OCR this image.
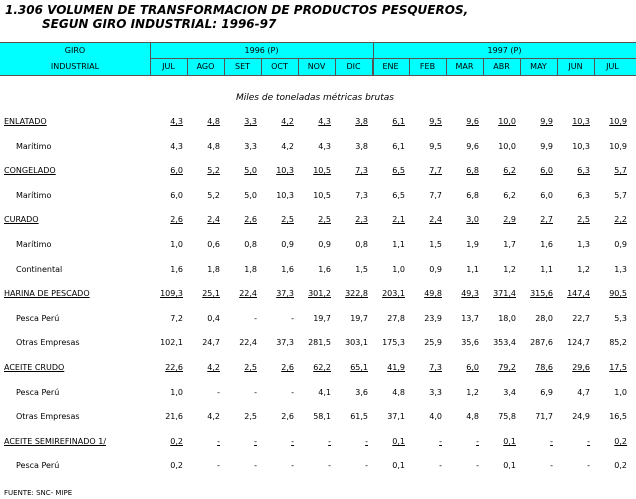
1.306 VOLUMEN DE TRANSFORMACION DE PRODUCTOS PESQUEROS,
SEGUN GIRO INDUSTRIAL: 1996-97
GIRO
INDUSTRIAL
1996 (P)	1997 (P)
JUL	AGO	SET	OCT	NOV	DIC	ENE	FEB	MAR	ABR	MAY	JUN	JUL
Miles de toneladas métricas brutas
ENLATADO	4,3	4,8	3,3	4,2	4,3	3,8	6,1	9,5	9,6	10,0	9,9	10,3	10,9
Marítimo	4,3	4,8	3,3	4,2	4,3	3,8	6,1	9,5	9,6	10,0	9,9	10,3	10,9
CONGELADO	6,0	5,2	5,0	10,3	10,5	7,3	6,5	7,7	6,8	6,2	6,0	6,3	5,7
Marítimo	6,0	5,2	5,0	10,3	10,5	7,3	6,5	7,7	6,8	6,2	6,0	6,3	5,7
CURADO	2,6	2,4	2,6	2,5	2,5	2,3	2,1	2,4	3,0	2,9	2,7	2,5	2,2
Marítimo	1,0	0,6	0,8	0,9	0,9	0,8	1,1	1,5	1,9	1,7	1,6	1,3	0,9
Continental	1,6	1,8	1,8	1,6	1,6	1,5	1,0	0,9	1,1	1,2	1,1	1,2	1,3
HARINA DE PESCADO	109,3	25,1	22,4	37,3	301,2	322,8	203,1	49,8	49,3	371,4	315,6	147,4	90,5
Pesca Perú	7,2	0,4	-	-	19,7	19,7	27,8	23,9	13,7	18,0	28,0	22,7	5,3
Otras Empresas	102,1	24,7	22,4	37,3	281,5	303,1	175,3	25,9	35,6	353,4	287,6	124,7	85,2
ACEITE CRUDO	22,6	4,2	2,5	2,6	62,2	65,1	41,9	7,3	6,0	79,2	78,6	29,6	17,5
Pesca Perú	1,0	-	-	-	4,1	3,6	4,8	3,3	1,2	3,4	6,9	4,7	1,0
Otras Empresas	21,6	4,2	2,5	2,6	58,1	61,5	37,1	4,0	4,8	75,8	71,7	24,9	16,5
ACEITE SEMIREFINADO 1/	0,2	-	-	-	-	-	0,1	-	-	0,1	-	-	0,2
Pesca Perú	0,2	-	-	-	-	-	0,1	-	-	0,1	-	-	0,2
FUENTE: SNC- MIPE
